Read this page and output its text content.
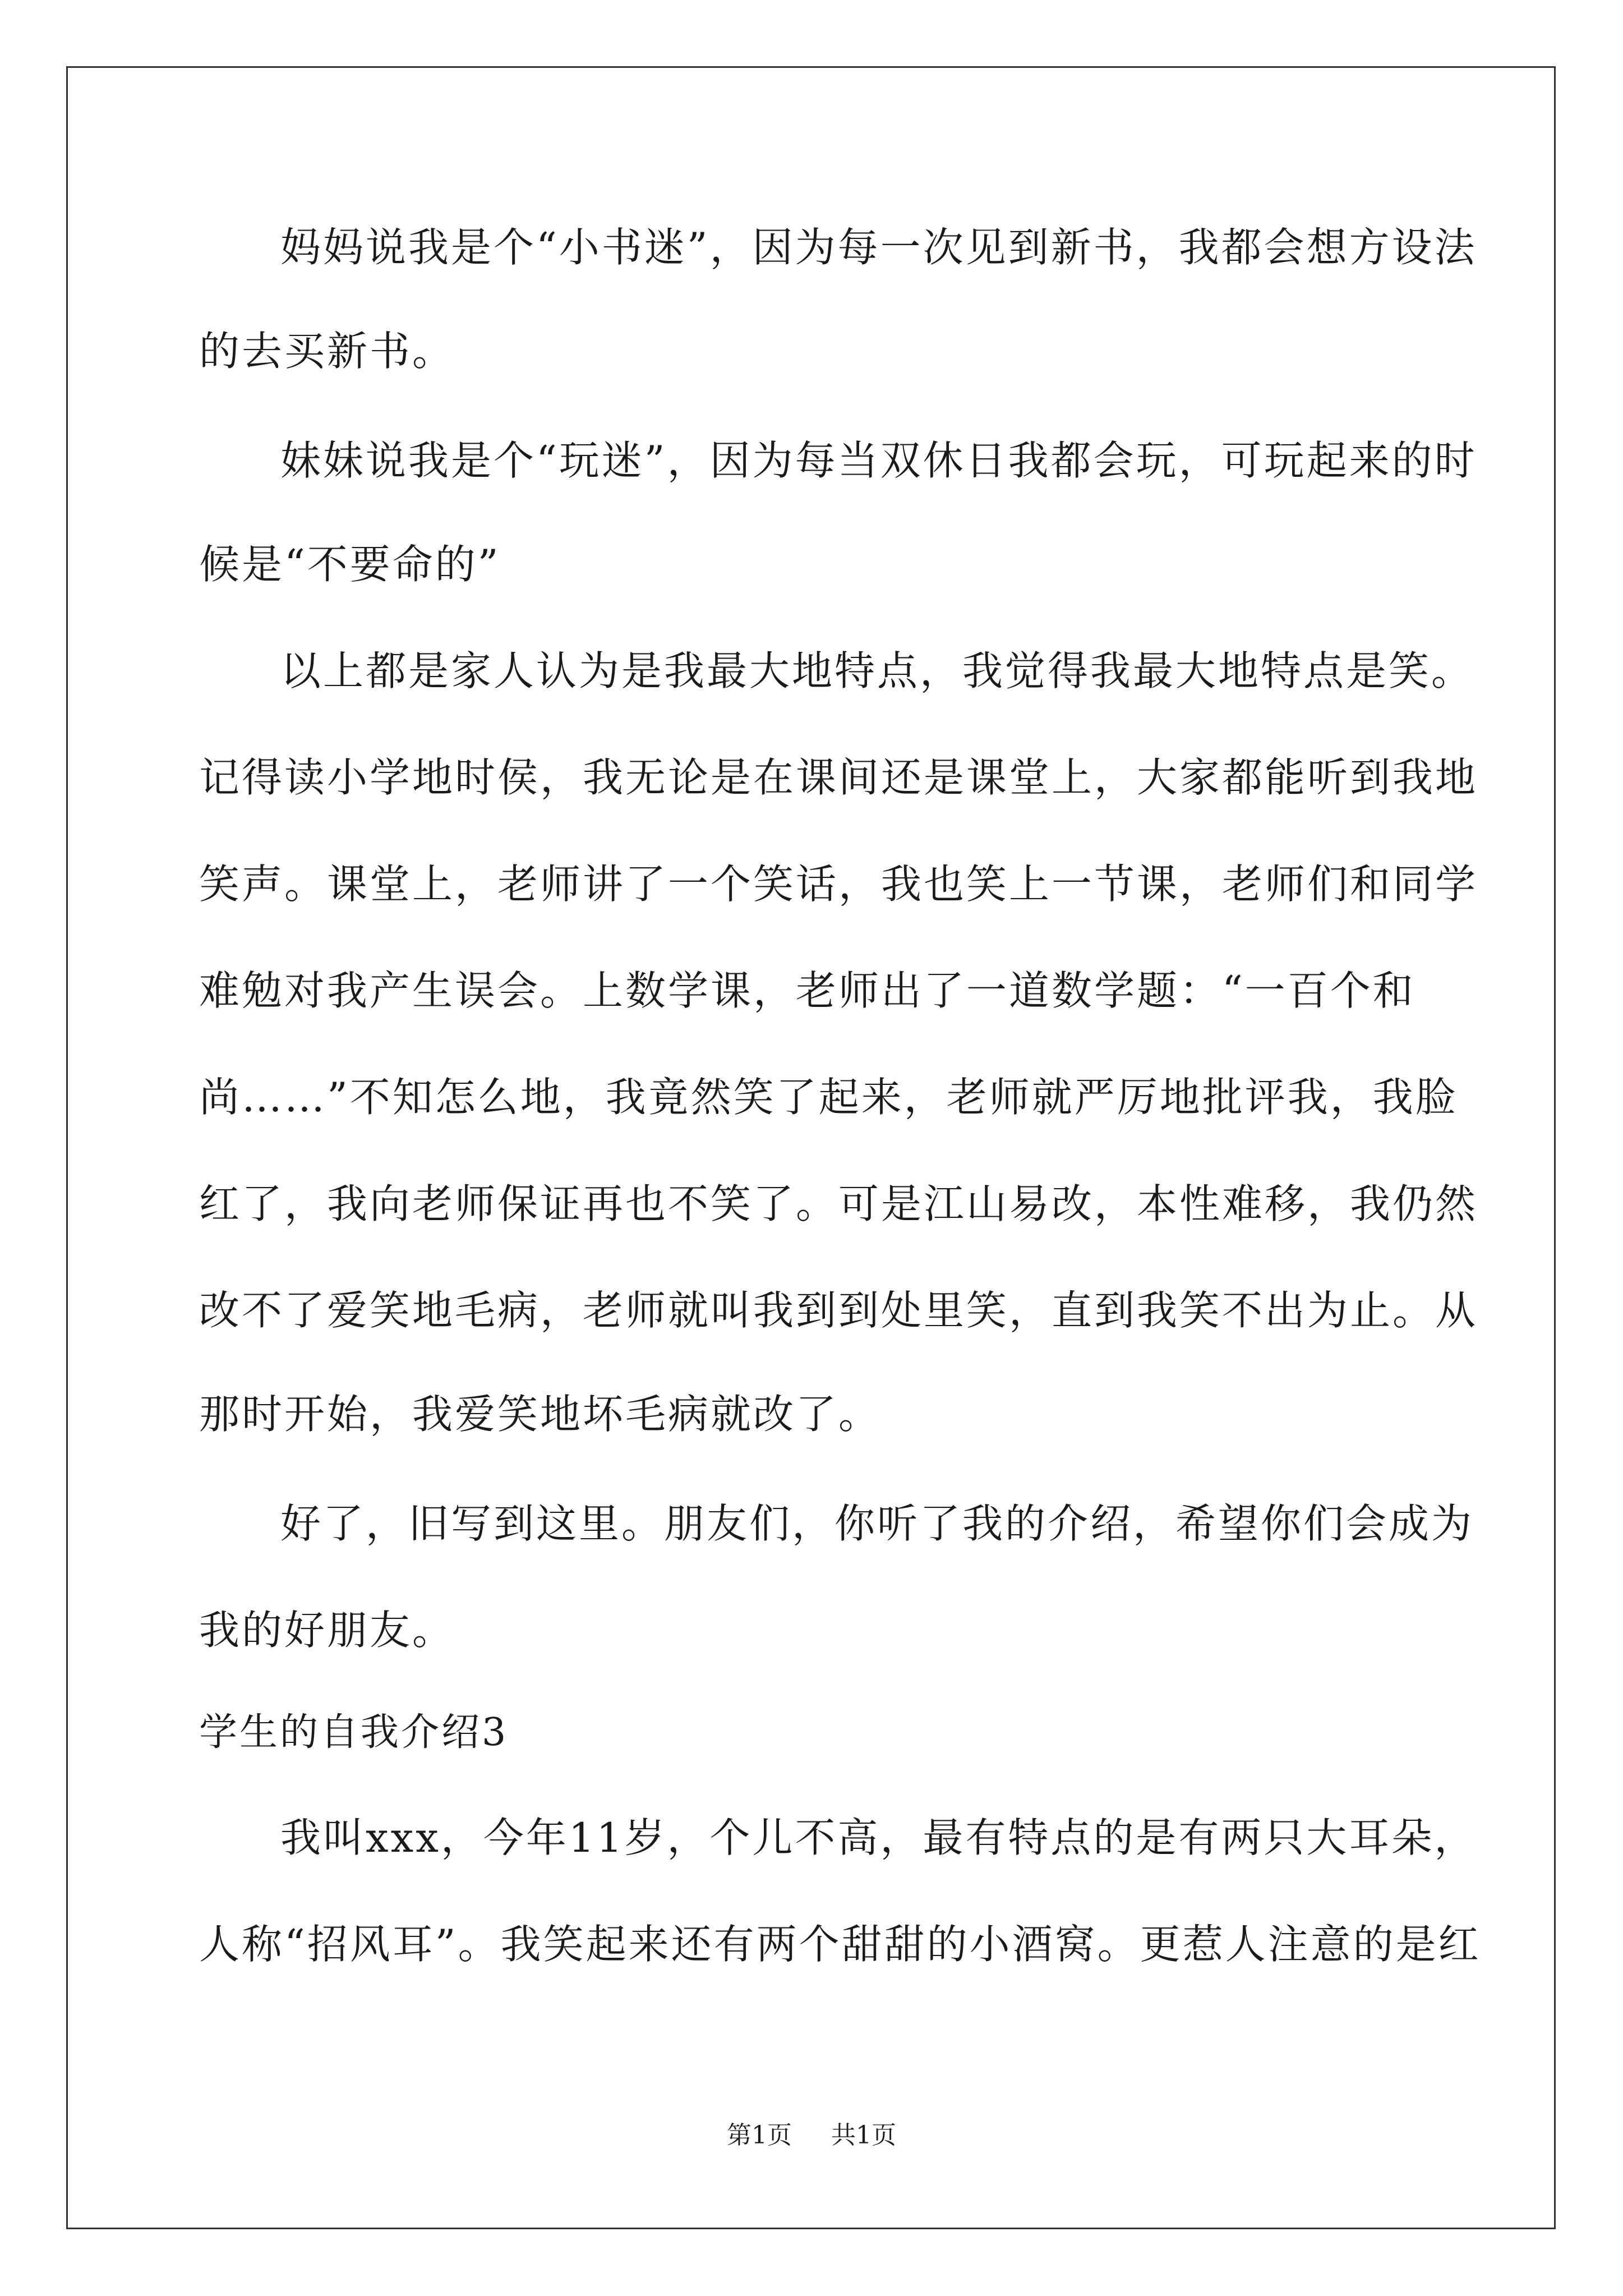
妈妈说我是个“小书迷”，因为每一次见到新书，我都会想方设法
的去买新书。
妹妹说我是个“玩迷”，因为每当双休日我都会玩，可玩起来的时
候是“不要命的”
以上都是家人认为是我最大地特点，我觉得我最大地特点是笑。
记得读小学地时侯，我无论是在课间还是课堂上，大家都能听到我地
笑声。课堂上，老师讲了一个笑话，我也笑上一节课，老师们和同学
难勉对我产生误会。上数学课，老师出了一道数学题：“一百个和
尚……”不知怎么地，我竟然笑了起来，老师就严厉地批评我，我脸
红了，我向老师保证再也不笑了。可是江山易改，本性难移，我仍然
改不了爱笑地毛病，老师就叫我到到处里笑，直到我笑不出为止。从
那时开始，我爱笑地坏毛病就改了。
好了，旧写到这里。朋友们，你听了我的介绍，希望你们会成为
我的好朋友。
学生的自我介绍3
我叫xxx，今年11岁，个儿不高，最有特点的是有两只大耳朵，
人称“招风耳”。我笑起来还有两个甜甜的小酒窝。更惹人注意的是红
第1页 共1页
